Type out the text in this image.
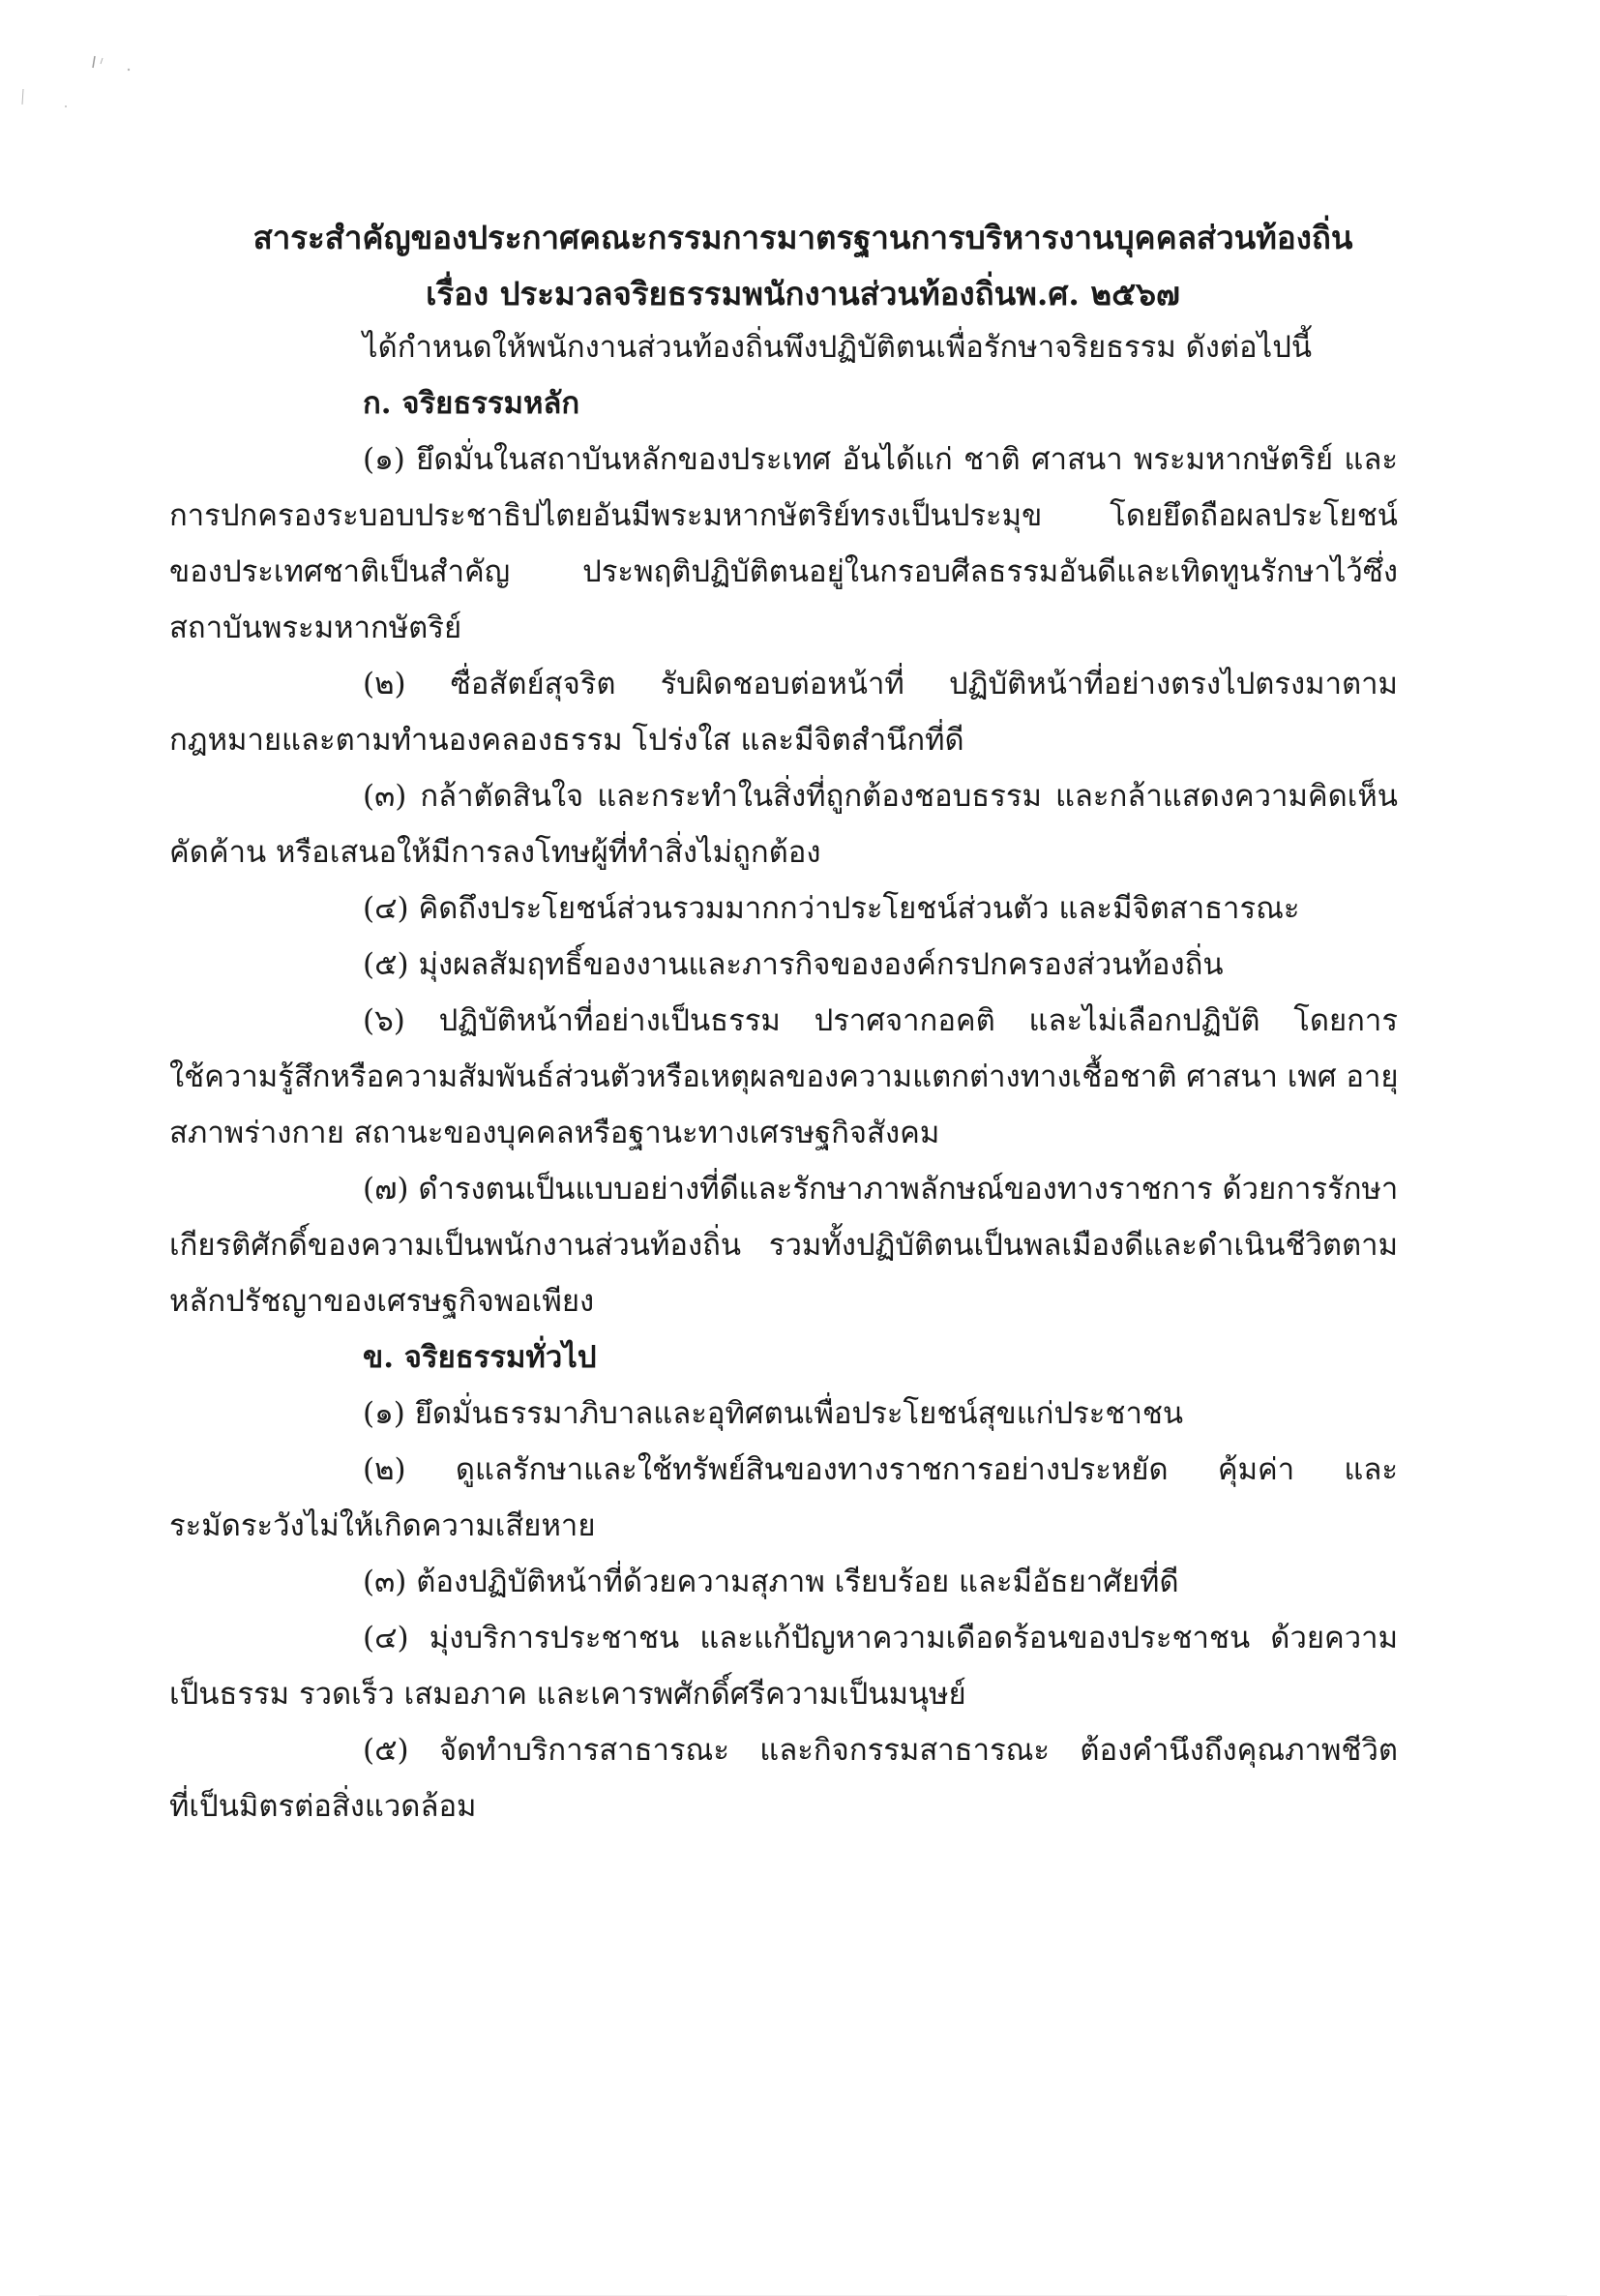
สาระสำคัญของประกาศคณะกรรมการมาตรฐานการบริหารงานบุคคลส่วนท้องถิ่น
เรื่อง ประมวลจริยธรรมพนักงานส่วนท้องถิ่นพ.ศ. ๒๕๖๗
ได้กำหนดให้พนักงานส่วนท้องถิ่นพึงปฏิบัติตนเพื่อรักษาจริยธรรม ดังต่อไปนี้
ก. จริยธรรมหลัก
(๑) ยึดมั่นในสถาบันหลักของประเทศ อันได้แก่ ชาติ ศาสนา พระมหากษัตริย์ และ
การปกครองระบอบประชาธิปไตยอันมีพระมหากษัตริย์ทรงเป็นประมุข โดยยึดถือผลประโยชน์
ของประเทศชาติเป็นสำคัญ ประพฤติปฏิบัติตนอยู่ในกรอบศีลธรรมอันดีและเทิดทูนรักษาไว้ซึ่ง
สถาบันพระมหากษัตริย์
(๒) ซื่อสัตย์สุจริต รับผิดชอบต่อหน้าที่ ปฏิบัติหน้าที่อย่างตรงไปตรงมาตาม
กฎหมายและตามทำนองคลองธรรม โปร่งใส และมีจิตสำนึกที่ดี
(๓) กล้าตัดสินใจ และกระทำในสิ่งที่ถูกต้องชอบธรรม และกล้าแสดงความคิดเห็น
คัดค้าน หรือเสนอให้มีการลงโทษผู้ที่ทำสิ่งไม่ถูกต้อง
(๔) คิดถึงประโยชน์ส่วนรวมมากกว่าประโยชน์ส่วนตัว และมีจิตสาธารณะ
(๕) มุ่งผลสัมฤทธิ์ของงานและภารกิจขององค์กรปกครองส่วนท้องถิ่น
(๖) ปฏิบัติหน้าที่อย่างเป็นธรรม ปราศจากอคติ และไม่เลือกปฏิบัติ โดยการ
ใช้ความรู้สึกหรือความสัมพันธ์ส่วนตัวหรือเหตุผลของความแตกต่างทางเชื้อชาติ ศาสนา เพศ อายุ
สภาพร่างกาย สถานะของบุคคลหรือฐานะทางเศรษฐกิจสังคม
(๗) ดำรงตนเป็นแบบอย่างที่ดีและรักษาภาพลักษณ์ของทางราชการ ด้วยการรักษา
เกียรติศักดิ์ของความเป็นพนักงานส่วนท้องถิ่น รวมทั้งปฏิบัติตนเป็นพลเมืองดีและดำเนินชีวิตตาม
หลักปรัชญาของเศรษฐกิจพอเพียง
ข. จริยธรรมทั่วไป
(๑) ยึดมั่นธรรมาภิบาลและอุทิศตนเพื่อประโยชน์สุขแก่ประชาชน
(๒) ดูแลรักษาและใช้ทรัพย์สินของทางราชการอย่างประหยัด คุ้มค่า และ
ระมัดระวังไม่ให้เกิดความเสียหาย
(๓) ต้องปฏิบัติหน้าที่ด้วยความสุภาพ เรียบร้อย และมีอัธยาศัยที่ดี
(๔) มุ่งบริการประชาชน และแก้ปัญหาความเดือดร้อนของประชาชน ด้วยความ
เป็นธรรม รวดเร็ว เสมอภาค และเคารพศักดิ์ศรีความเป็นมนุษย์
(๕) จัดทำบริการสาธารณะ และกิจกรรมสาธารณะ ต้องคำนึงถึงคุณภาพชีวิต
ที่เป็นมิตรต่อสิ่งแวดล้อม
